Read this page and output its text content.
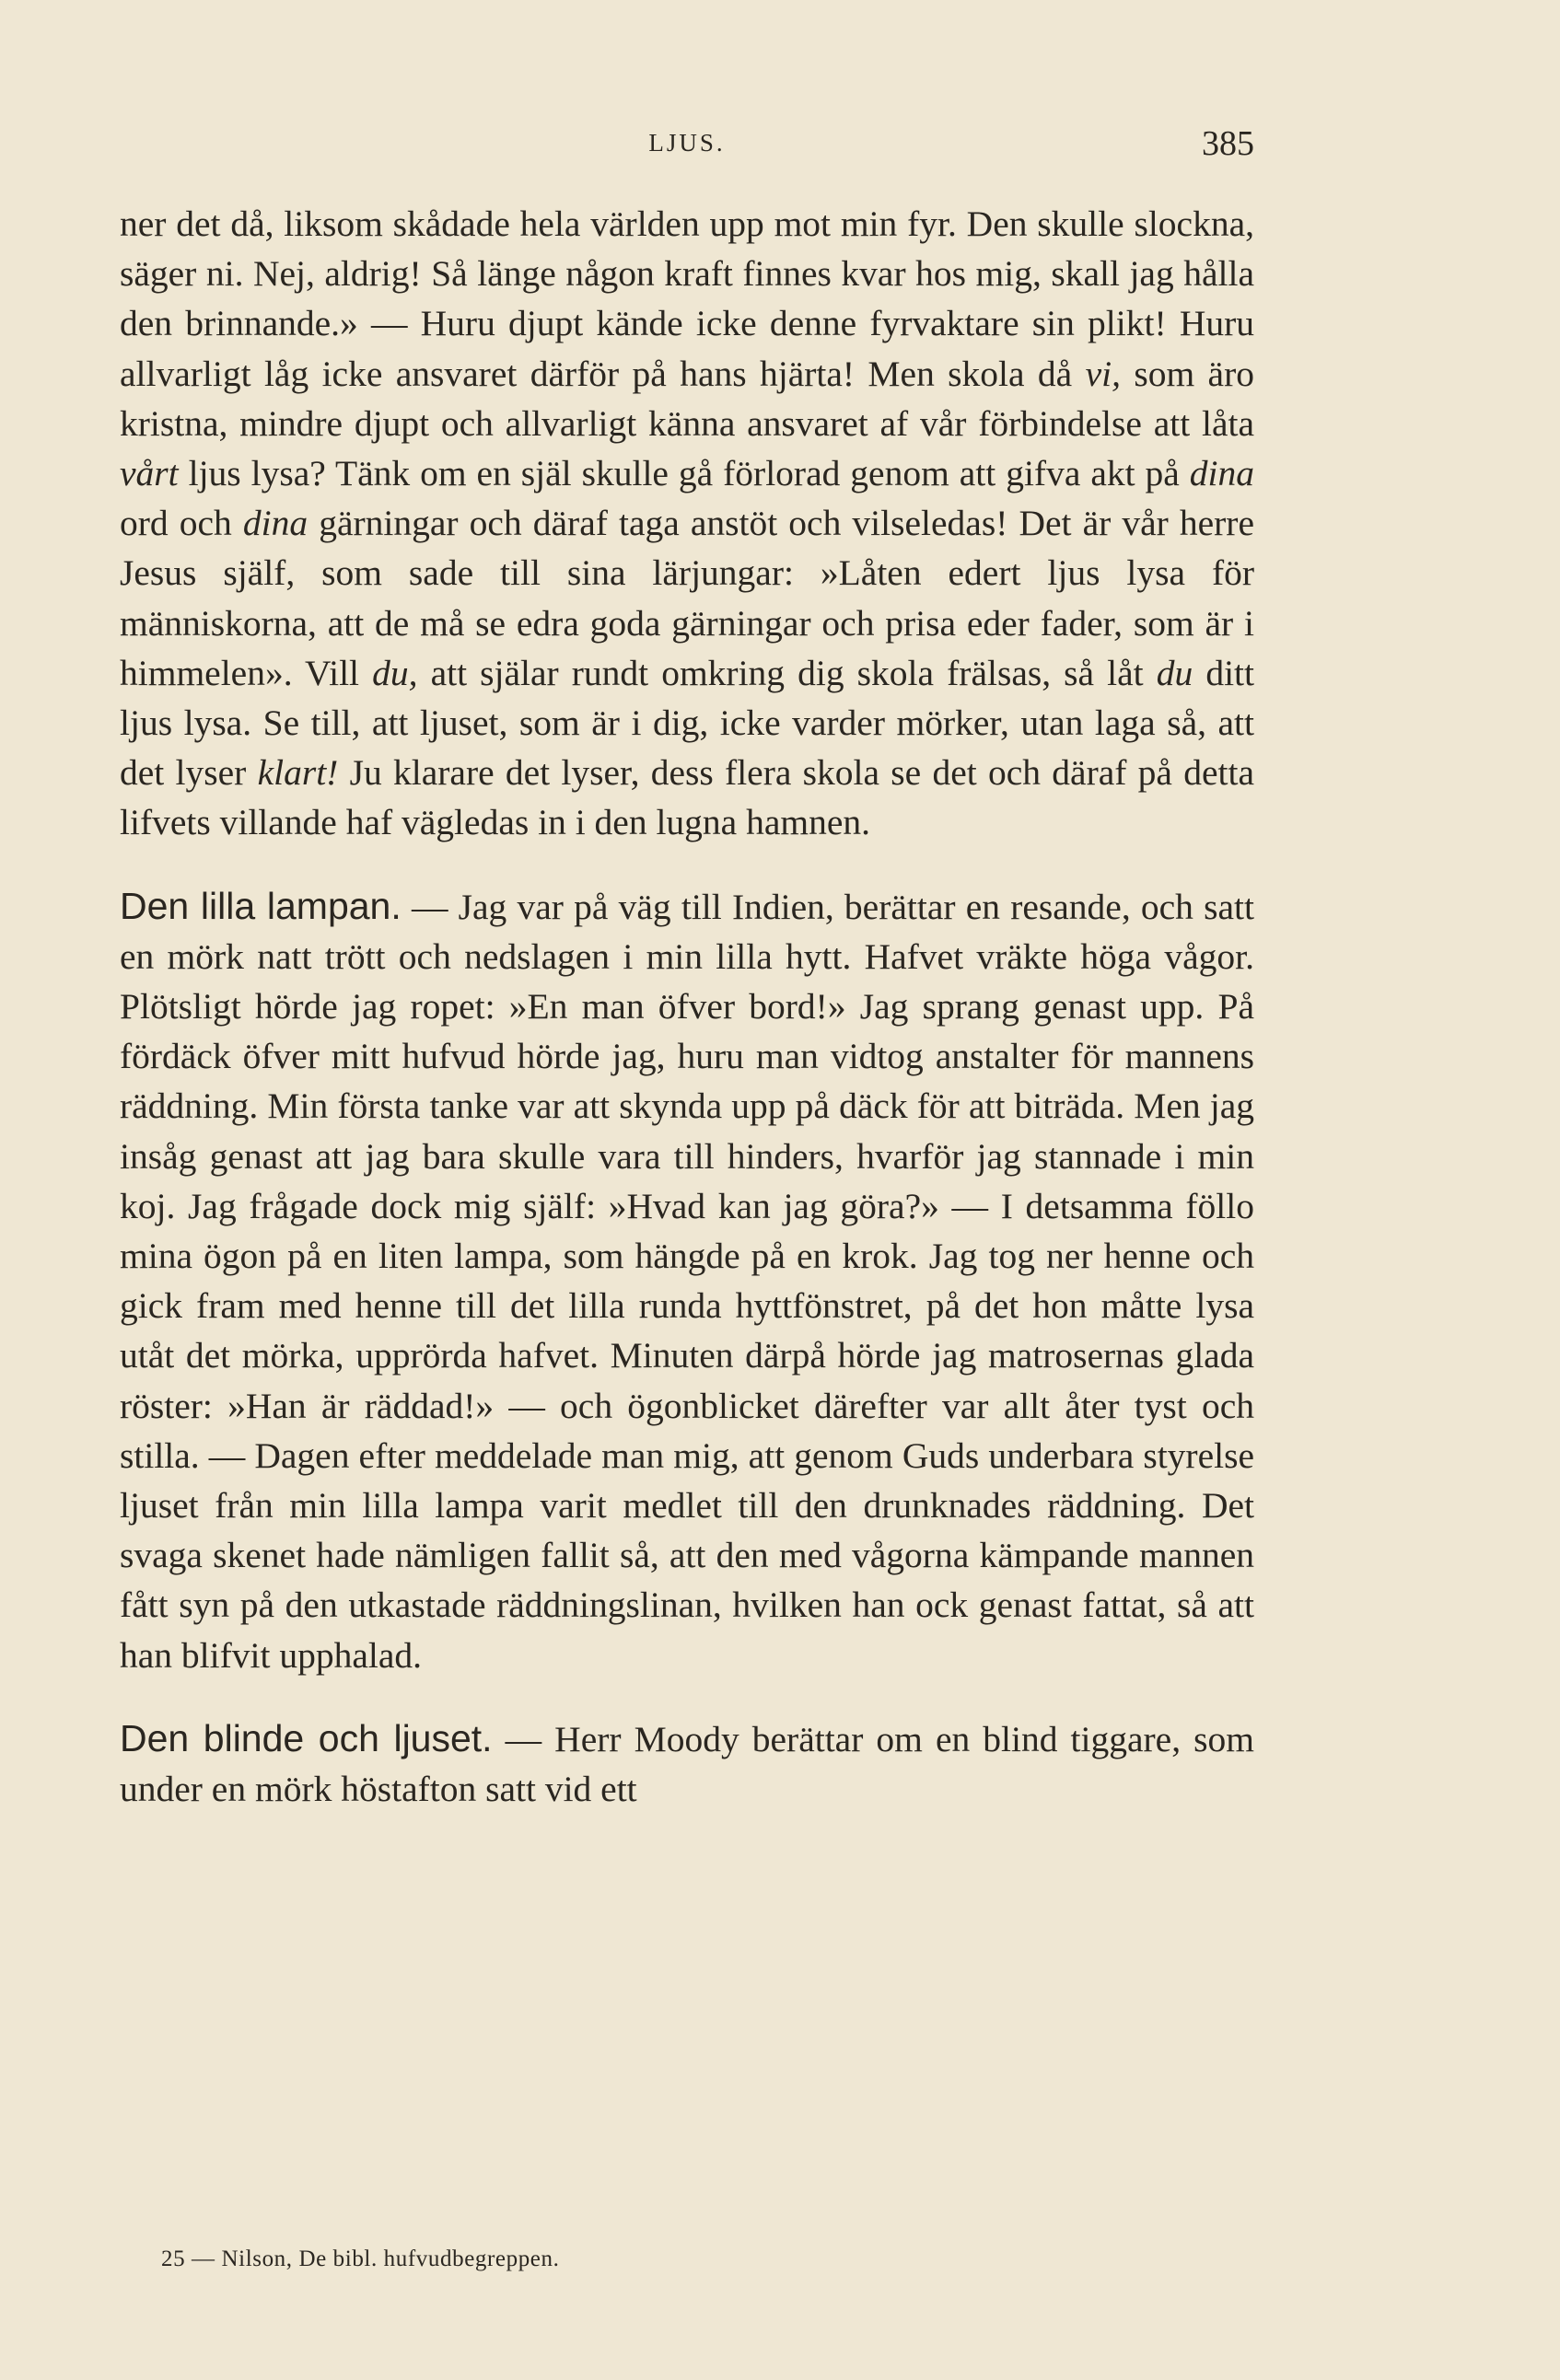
LJUS.	385

ner det då, liksom skådade hela världen upp mot min fyr. Den skulle slockna, säger ni. Nej, aldrig! Så länge någon kraft finnes kvar hos mig, skall jag hålla den brinnande.» — Huru djupt kände icke denne fyrvaktare sin plikt! Huru allvarligt låg icke ansvaret därför på hans hjärta! Men skola då vi, som äro kristna, mindre djupt och allvarligt känna ansvaret af vår förbindelse att låta vårt ljus lysa? Tänk om en själ skulle gå förlorad genom att gifva akt på dina ord och dina gärningar och däraf taga anstöt och vilseledas! Det är vår herre Jesus själf, som sade till sina lärjungar: »Låten edert ljus lysa för människorna, att de må se edra goda gärningar och prisa eder fader, som är i himmelen». Vill du, att själar rundt omkring dig skola frälsas, så låt du ditt ljus lysa. Se till, att ljuset, som är i dig, icke varder mörker, utan laga så, att det lyser klart! Ju klarare det lyser, dess flera skola se det och däraf på detta lifvets villande haf vägledas in i den lugna hamnen.

Den lilla lampan. — Jag var på väg till Indien, berättar en resande, och satt en mörk natt trött och nedslagen i min lilla hytt. Hafvet vräkte höga vågor. Plötsligt hörde jag ropet: »En man öfver bord!» Jag sprang genast upp. På fördäck öfver mitt hufvud hörde jag, huru man vidtog anstalter för mannens räddning. Min första tanke var att skynda upp på däck för att biträda. Men jag insåg genast att jag bara skulle vara till hinders, hvarför jag stannade i min koj. Jag frågade dock mig själf: »Hvad kan jag göra?» — I detsamma föllo mina ögon på en liten lampa, som hängde på en krok. Jag tog ner henne och gick fram med henne till det lilla runda hyttfönstret, på det hon måtte lysa utåt det mörka, upprörda hafvet. Minuten därpå hörde jag matrosernas glada röster: »Han är räddad!» — och ögonblicket därefter var allt åter tyst och stilla. — Dagen efter meddelade man mig, att genom Guds underbara styrelse ljuset från min lilla lampa varit medlet till den drunknades räddning. Det svaga skenet hade nämligen fallit så, att den med vågorna kämpande mannen fått syn på den utkastade räddningslinan, hvilken han ock genast fattat, så att han blifvit upphalad.

Den blinde och ljuset. — Herr Moody berättar om en blind tiggare, som under en mörk höstafton satt vid ett

25 — Nilson, De bibl. hufvudbegreppen.
